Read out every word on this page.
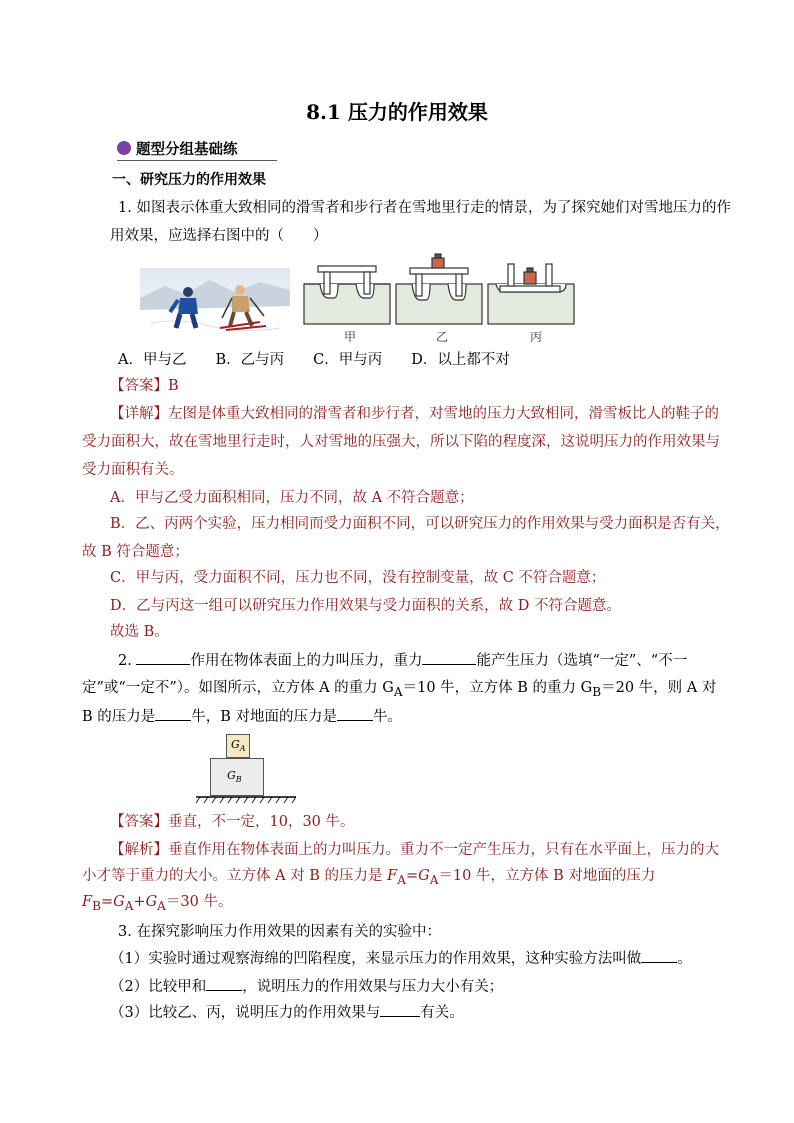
8.1 压力的作用效果
题型分组基础练
一、研究压力的作用效果
1. 如图表示体重大致相同的滑雪者和步行者在雪地里行走的情景，为了探究她们对雪地压力的作
用效果，应选择右图中的（　　）
甲	乙	丙
A．甲与乙　　B．乙与丙　　C．甲与丙　　D．以上都不对
【答案】B
【详解】左图是体重大致相同的滑雪者和步行者，对雪地的压力大致相同，滑雪板比人的鞋子的
受力面积大，故在雪地里行走时，人对雪地的压强大，所以下陷的程度深，这说明压力的作用效果与
受力面积有关。
A．甲与乙受力面积相同，压力不同，故 A 不符合题意；
B．乙、丙两个实验，压力相同而受力面积不同，可以研究压力的作用效果与受力面积是否有关，
故 B 符合题意；
C．甲与丙，受力面积不同，压力也不同，没有控制变量，故 C 不符合题意；
D．乙与丙这一组可以研究压力作用效果与受力面积的关系，故 D 不符合题意。
故选 B。
2.	作用在物体表面上的力叫压力，重力	能产生压力（选填“一定”、“不一
定”或“一定不”）。如图所示，立方体 A 的重力 $G_A=10$ 牛，立方体 B 的重力 $G_B=20$ 牛，则 A 对
B 的压力是 牛，B 对地面的压力是 牛。
$G_A$
$G_B$
【答案】垂直，不一定，10，30 牛。
【解析】垂直作用在物体表面上的力叫压力。重力不一定产生压力，只有在水平面上，压力的大
小才等于重力的大小。立方体 A 对 B 的压力是 $F_A=G_A=10$ 牛，立方体 B 对地面的压力
$F_B=G_A+G_A=30$ 牛。
3. 在探究影响压力作用效果的因素有关的实验中：
（1）实验时通过观察海绵的凹陷程度，来显示压力的作用效果，这种实验方法叫做 。
（2）比较甲和 ，说明压力的作用效果与压力大小有关；
（3）比较乙、丙，说明压力的作用效果与	有关。
